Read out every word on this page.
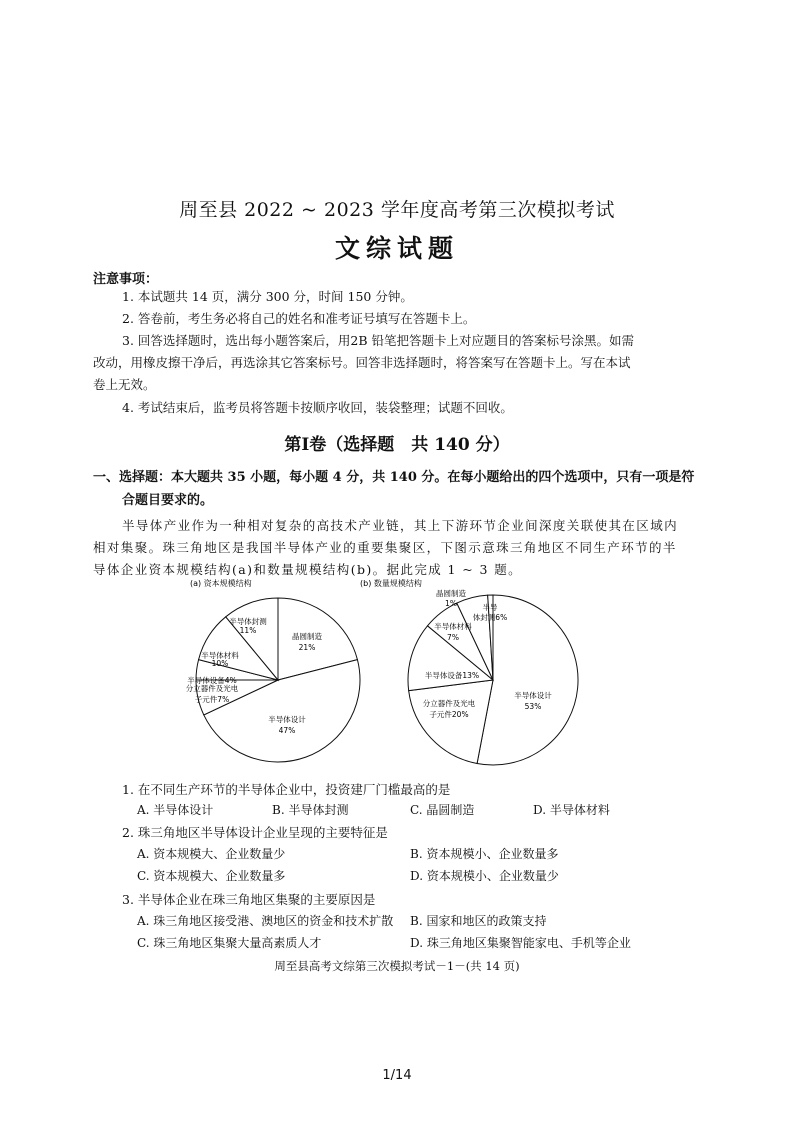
周至县 2022 ~ 2023 学年度高考第三次模拟考试
文综试题
注意事项：
1. 本试题共 14 页，满分 300 分，时间 150 分钟。
2. 答卷前，考生务必将自己的姓名和准考证号填写在答题卡上。
3. 回答选择题时，选出每小题答案后，用2B 铅笔把答题卡上对应题目的答案标号涂黑。如需
改动，用橡皮擦干净后，再选涂其它答案标号。回答非选择题时，将答案写在答题卡上。写在本试
卷上无效。
4. 考试结束后，监考员将答题卡按顺序收回，装袋整理；试题不回收。
第Ⅰ卷（选择题　共 140 分）
一、选择题：本大题共 35 小题，每小题 4 分，共 140 分。在每小题给出的四个选项中，只有一项是符
合题目要求的。
半导体产业作为一种相对复杂的高技术产业链，其上下游环节企业间深度关联使其在区域内
相对集聚。珠三角地区是我国半导体产业的重要集聚区，下图示意珠三角地区不同生产环节的半
导体企业资本规模结构(a)和数量规模结构(b)。据此完成 1 ~ 3 题。
(a) 资本规模结构	(b) 数量规模结构
半导体设计
47%
晶圆制造
21%
半导体封测
11%
半导体材料
10%
半导体设备4%
分立器件及光电
子元件7%	半导体设计
53%
分立器件及光电
子元件20%
半导体设备13%
半导体材料
7%
半导
体封测6%
晶圆制造
1%
1. 在不同生产环节的半导体企业中，投资建厂门槛最高的是
A. 半导体设计	B. 半导体封测	C. 晶圆制造	D. 半导体材料
2. 珠三角地区半导体设计企业呈现的主要特征是
A. 资本规模大、企业数量少	B. 资本规模小、企业数量多
C. 资本规模大、企业数量多	D. 资本规模小、企业数量少
3. 半导体企业在珠三角地区集聚的主要原因是
A. 珠三角地区接受港、澳地区的资金和技术扩散 B. 国家和地区的政策支持
C. 珠三角地区集聚大量高素质人才	D. 珠三角地区集聚智能家电、手机等企业
周至县高考文综第三次模拟考试－1－(共 14 页)
1/14
